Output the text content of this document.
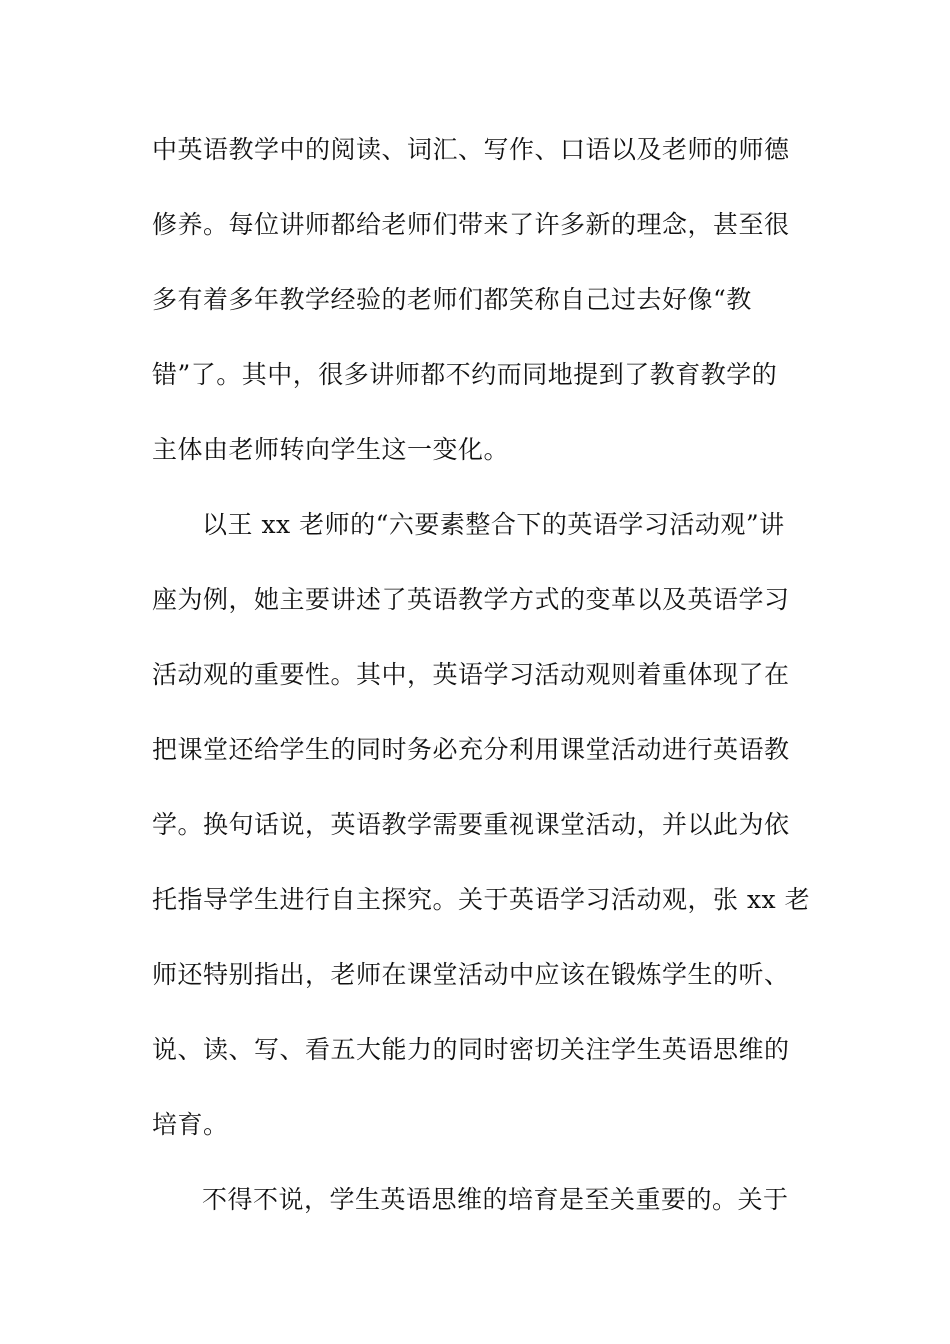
中英语教学中的阅读、词汇、写作、口语以及老师的师德

修养。每位讲师都给老师们带来了许多新的理念，甚至很

多有着多年教学经验的老师们都笑称自己过去好像“教

错”了。其中，很多讲师都不约而同地提到了教育教学的

主体由老师转向学生这一变化。

以王 xx 老师的“六要素整合下的英语学习活动观”讲

座为例，她主要讲述了英语教学方式的变革以及英语学习

活动观的重要性。其中，英语学习活动观则着重体现了在

把课堂还给学生的同时务必充分利用课堂活动进行英语教

学。换句话说，英语教学需要重视课堂活动，并以此为依

托指导学生进行自主探究。关于英语学习活动观，张 xx 老

师还特别指出，老师在课堂活动中应该在锻炼学生的听、

说、读、写、看五大能力的同时密切关注学生英语思维的

培育。

不得不说，学生英语思维的培育是至关重要的。关于
